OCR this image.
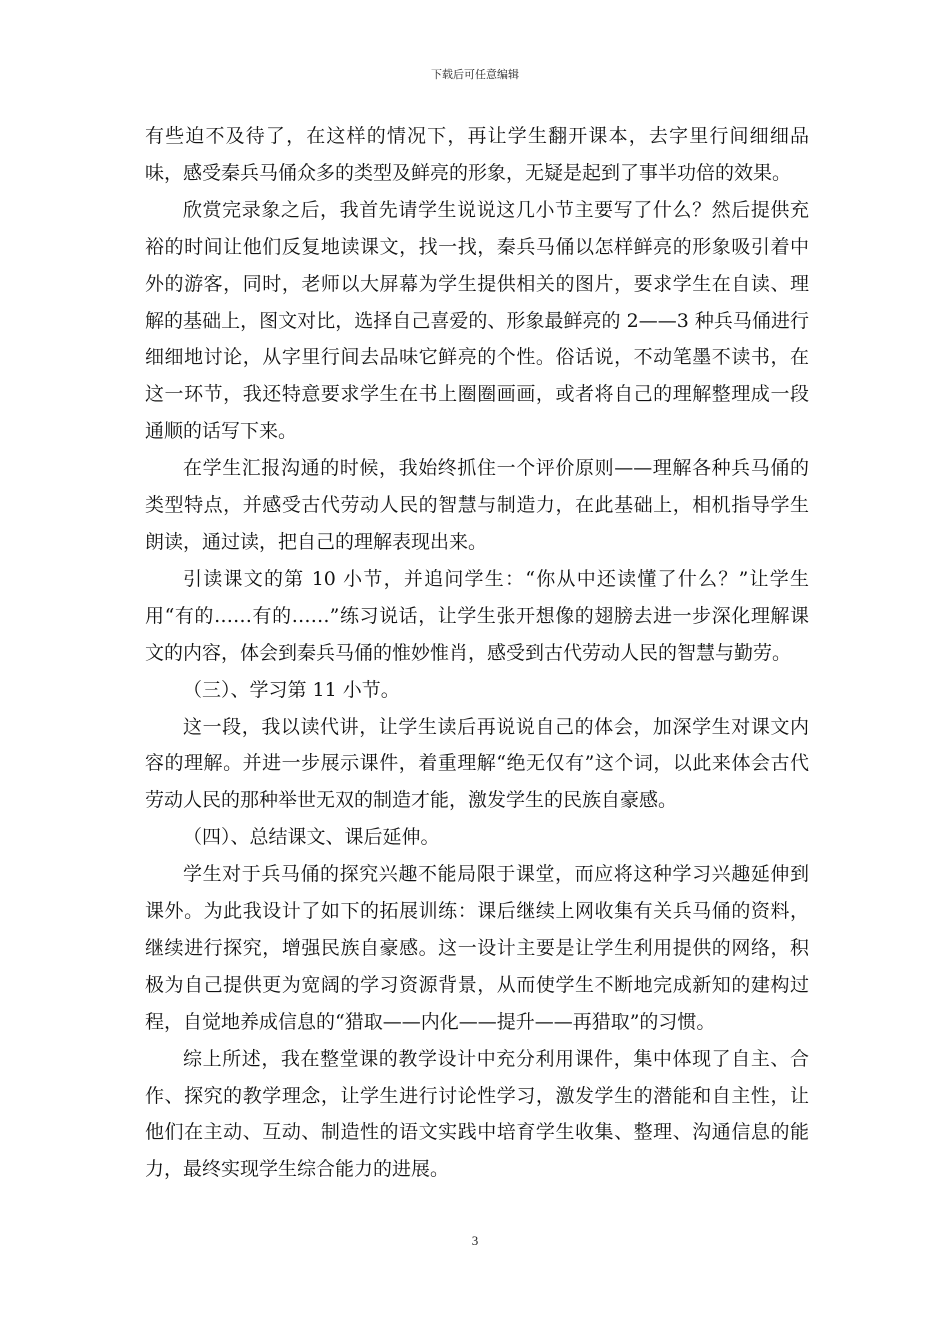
下载后可任意编辑

有些迫不及待了，在这样的情况下，再让学生翻开课本，去字里行间细细品味，感受秦兵马俑众多的类型及鲜亮的形象，无疑是起到了事半功倍的效果。

欣赏完录象之后，我首先请学生说说这几小节主要写了什么？然后提供充裕的时间让他们反复地读课文，找一找，秦兵马俑以怎样鲜亮的形象吸引着中外的游客，同时，老师以大屏幕为学生提供相关的图片，要求学生在自读、理解的基础上，图文对比，选择自己喜爱的、形象最鲜亮的 2——3 种兵马俑进行细细地讨论，从字里行间去品味它鲜亮的个性。俗话说，不动笔墨不读书，在这一环节，我还特意要求学生在书上圈圈画画，或者将自己的理解整理成一段通顺的话写下来。

在学生汇报沟通的时候，我始终抓住一个评价原则——理解各种兵马俑的类型特点，并感受古代劳动人民的智慧与制造力，在此基础上，相机指导学生朗读，通过读，把自己的理解表现出来。

引读课文的第 10 小节，并追问学生：“你从中还读懂了什么？”让学生用“有的……有的……”练习说话，让学生张开想像的翅膀去进一步深化理解课文的内容，体会到秦兵马俑的惟妙惟肖，感受到古代劳动人民的智慧与勤劳。

（三）、学习第 11 小节。

这一段，我以读代讲，让学生读后再说说自己的体会，加深学生对课文内容的理解。并进一步展示课件，着重理解“绝无仅有”这个词，以此来体会古代劳动人民的那种举世无双的制造才能，激发学生的民族自豪感。

（四）、总结课文、课后延伸。

学生对于兵马俑的探究兴趣不能局限于课堂，而应将这种学习兴趣延伸到课外。为此我设计了如下的拓展训练：课后继续上网收集有关兵马俑的资料，继续进行探究，增强民族自豪感。这一设计主要是让学生利用提供的网络，积极为自己提供更为宽阔的学习资源背景，从而使学生不断地完成新知的建构过程，自觉地养成信息的“猎取——内化——提升——再猎取”的习惯。

综上所述，我在整堂课的教学设计中充分利用课件，集中体现了自主、合作、探究的教学理念，让学生进行讨论性学习，激发学生的潜能和自主性，让他们在主动、互动、制造性的语文实践中培育学生收集、整理、沟通信息的能力，最终实现学生综合能力的进展。

3
